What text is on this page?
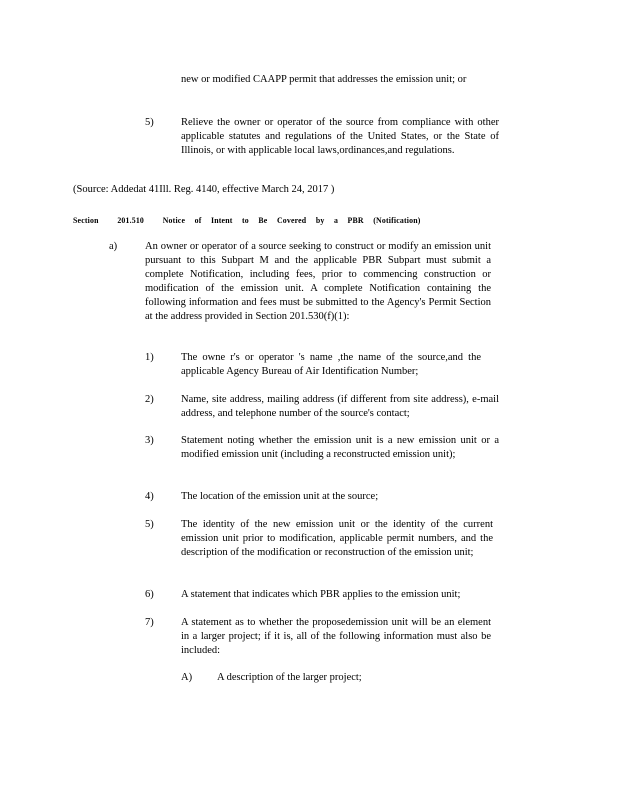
new or modified CAAPP permit that addresses the emission unit; or

5)	Relieve the owner or operator of the source from compliance with other applicable statutes and regulations of the United States, or the State of Illinois, or with applicable local laws,ordinances,and regulations.

(Source: Addedat 41Ill. Reg. 4140, effective March 24, 2017 )

Section 201.510 Notice of Intent to Be Covered by a PBR (Notification)

a)	An owner or operator of a source seeking to construct or modify an emission unit pursuant to this Subpart M and the applicable PBR Subpart must submit a complete Notification, including fees, prior to commencing construction or modification of the emission unit. A complete Notification containing the following information and fees must be submitted to the Agency's Permit Section at the address provided in Section 201.530(f)(1):

1)	The owne r's or operator 's name ,the name of the source,and the applicable Agency Bureau of Air Identification Number;

2)	Name, site address, mailing address (if different from site address), e-mail address, and telephone number of the source's contact;

3)	Statement noting whether the emission unit is a new emission unit or a modified emission unit (including a reconstructed emission unit);

4)	The location of the emission unit at the source;

5)	The identity of the new emission unit or the identity of the current emission unit prior to modification, applicable permit numbers, and the description of the modification or reconstruction of the emission unit;

6)	A statement that indicates which PBR applies to the emission unit;

7)	A statement as to whether the proposedemission unit will be an element in a larger project; if it is, all of the following information must also be included:

A) A description of the larger project;
